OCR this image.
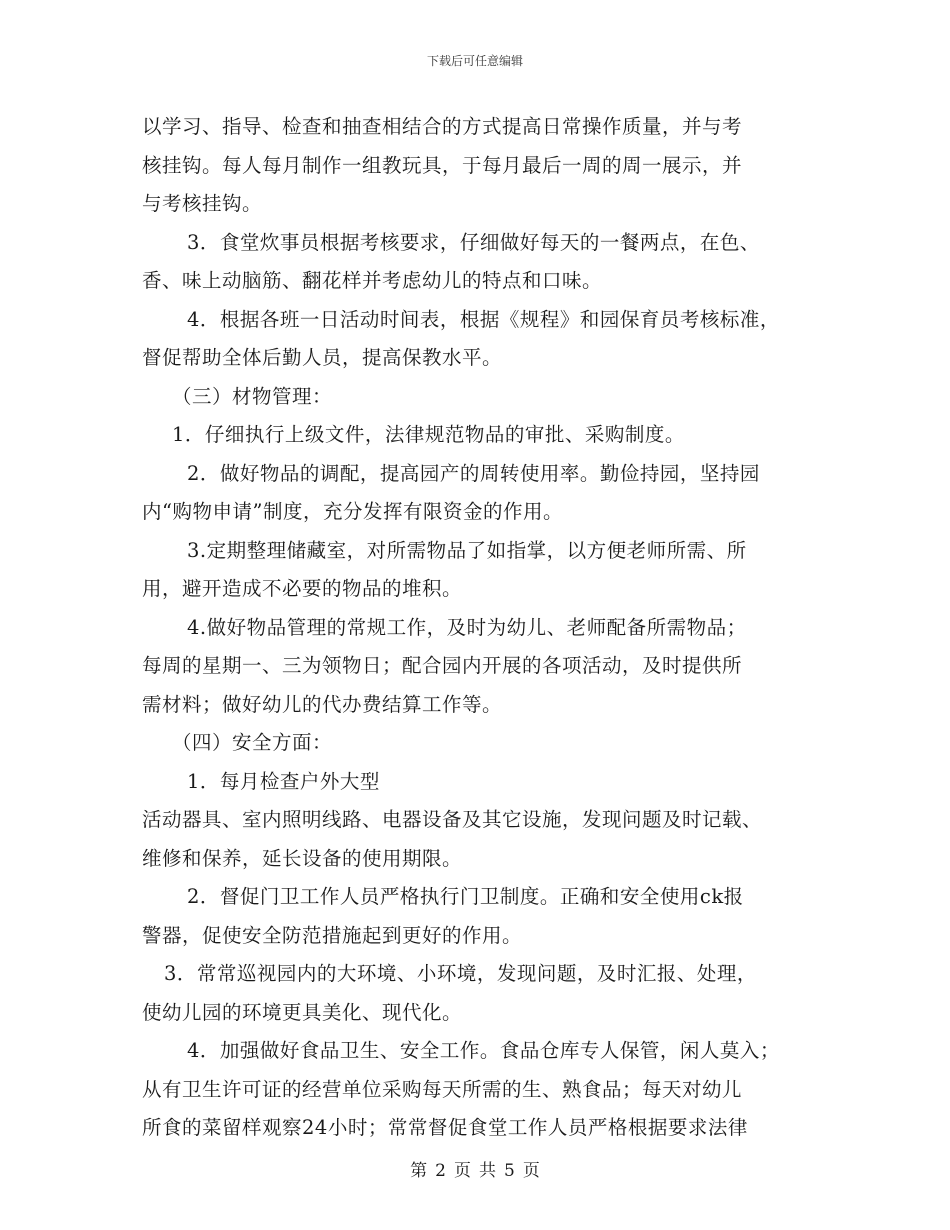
下载后可任意编辑
以学习、指导、检查和抽查相结合的方式提高日常操作质量，并与考
核挂钩。每人每月制作一组教玩具，于每月最后一周的周一展示，并
与考核挂钩。
3．食堂炊事员根据考核要求，仔细做好每天的一餐两点，在色、
香、味上动脑筋、翻花样并考虑幼儿的特点和口味。
4．根据各班一日活动时间表，根据《规程》和园保育员考核标准，
督促帮助全体后勤人员，提高保教水平。
（三）材物管理：
1．仔细执行上级文件，法律规范物品的审批、采购制度。
2．做好物品的调配，提高园产的周转使用率。勤俭持园，坚持园
内“购物申请”制度，充分发挥有限资金的作用。
3.定期整理储藏室，对所需物品了如指掌，以方便老师所需、所
用，避开造成不必要的物品的堆积。
4.做好物品管理的常规工作，及时为幼儿、老师配备所需物品；
每周的星期一、三为领物日；配合园内开展的各项活动，及时提供所
需材料；做好幼儿的代办费结算工作等。
（四）安全方面：
1．每月检查户外大型
活动器具、室内照明线路、电器设备及其它设施，发现问题及时记载、
维修和保养，延长设备的使用期限。
2．督促门卫工作人员严格执行门卫制度。正确和安全使用ck报
警器，促使安全防范措施起到更好的作用。
3．常常巡视园内的大环境、小环境，发现问题，及时汇报、处理，
使幼儿园的环境更具美化、现代化。
4．加强做好食品卫生、安全工作。食品仓库专人保管，闲人莫入；
从有卫生许可证的经营单位采购每天所需的生、熟食品；每天对幼儿
所食的菜留样观察24小时；常常督促食堂工作人员严格根据要求法律
第 2 页 共 5 页
